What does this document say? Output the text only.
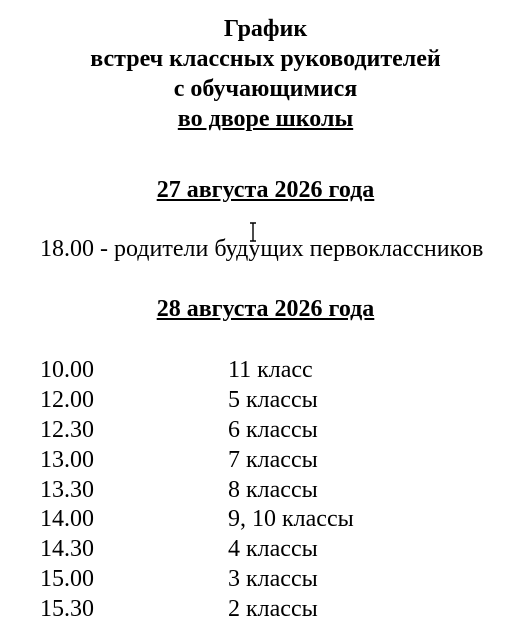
График
встреч классных руководителей
с обучающимися
во дворе школы
27 августа 2026 года
18.00 - родители будущих первоклассников
28 августа 2026 года
10.00	11 класс
12.00	5 классы
12.30	6 классы
13.00	7 классы
13.30	8 классы
14.00	9, 10 классы
14.30	4 классы
15.00	3 классы
15.30	2 классы
